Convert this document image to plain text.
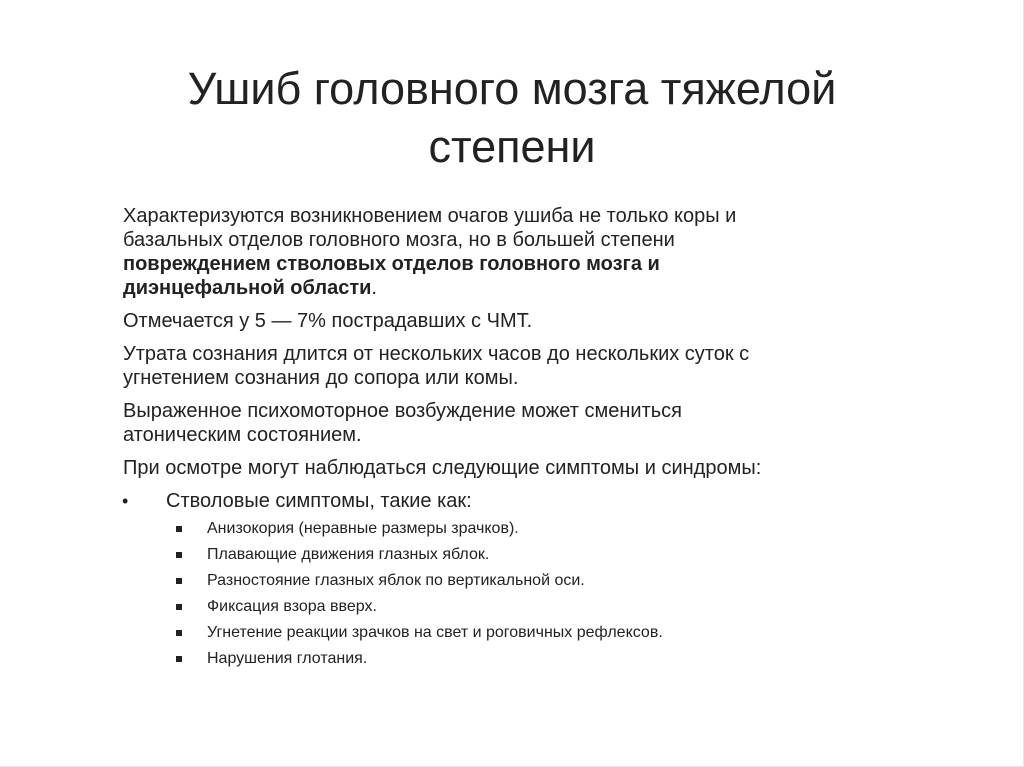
Ушиб головного мозга тяжелой
степени

Характеризуются возникновением очагов ушиба не только коры и
базальных отделов головного мозга, но в большей степени
повреждением стволовых отделов головного мозга и
диэнцефальной области.

Отмечается у 5 — 7% пострадавших с ЧМТ.

Утрата сознания длится от нескольких часов до нескольких суток с
угнетением сознания до сопора или комы.

Выраженное психомоторное возбуждение может смениться
атоническим состоянием.

При осмотре могут наблюдаться следующие симптомы и синдромы:

• Стволовые симптомы, такие как:
Анизокория (неравные размеры зрачков).
Плавающие движения глазных яблок.
Разностояние глазных яблок по вертикальной оси.
Фиксация взора вверх.
Угнетение реакции зрачков на свет и роговичных рефлексов.
Нарушения глотания.
